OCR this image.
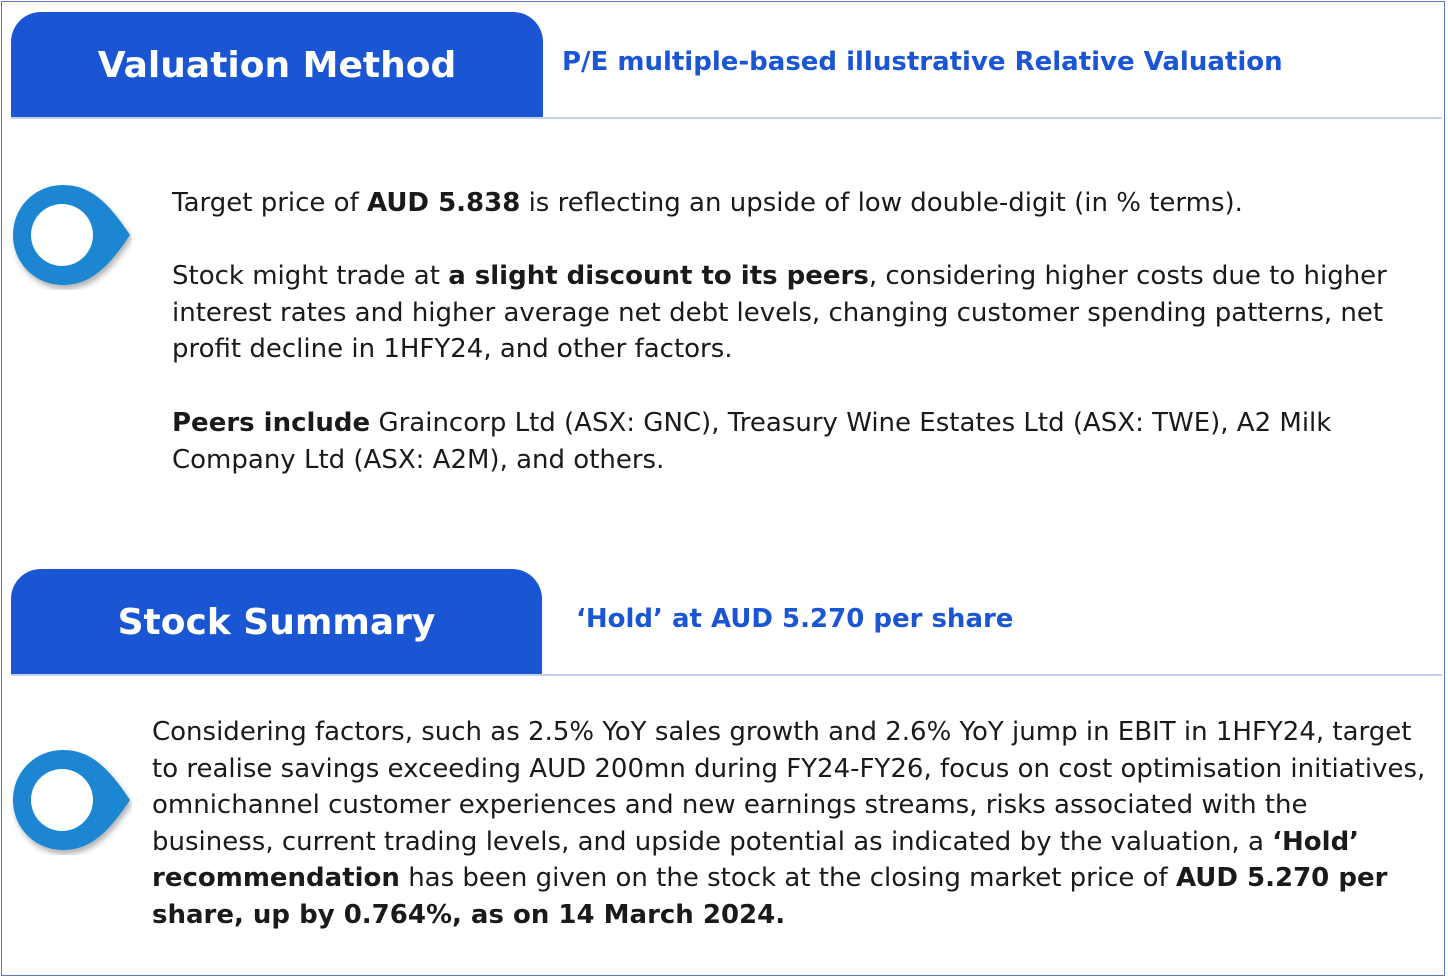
Valuation Method	P/E multiple-based illustrative Relative Valuation

Target price of AUD 5.838 is reflecting an upside of low double-digit (in % terms).

Stock might trade at a slight discount to its peers, considering higher costs due to higher interest rates and higher average net debt levels, changing customer spending patterns, net profit decline in 1HFY24, and other factors.

Peers include Graincorp Ltd (ASX: GNC), Treasury Wine Estates Ltd (ASX: TWE), A2 Milk Company Ltd (ASX: A2M), and others.

Stock Summary	‘Hold’ at AUD 5.270 per share

Considering factors, such as 2.5% YoY sales growth and 2.6% YoY jump in EBIT in 1HFY24, target to realise savings exceeding AUD 200mn during FY24-FY26, focus on cost optimisation initiatives, omnichannel customer experiences and new earnings streams, risks associated with the business, current trading levels, and upside potential as indicated by the valuation, a ‘Hold’ recommendation has been given on the stock at the closing market price of AUD 5.270 per share, up by 0.764%, as on 14 March 2024.
